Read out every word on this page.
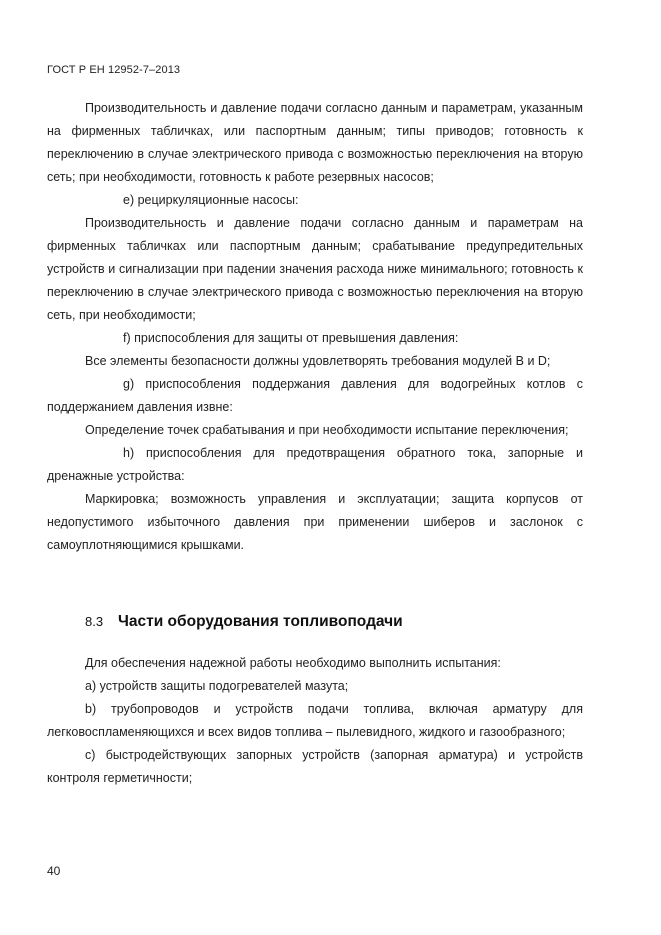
ГОСТ Р ЕН 12952-7–2013

Производительность и давление подачи согласно данным и параметрам, указанным на фирменных табличках, или паспортным данным; типы приводов; готовность к переключению в случае электрического привода с возможностью переключения на вторую сеть; при необходимости, готовность к работе резервных насосов;

е) рециркуляционные насосы:

Производительность и давление подачи согласно данным и параметрам на фирменных табличках или паспортным данным; срабатывание предупредительных устройств и сигнализации при падении значения расхода ниже минимального; готовность к переключению в случае электрического привода с возможностью переключения на вторую сеть, при необходимости;

f) приспособления для защиты от превышения давления:

Все элементы безопасности должны удовлетворять требования модулей В и D;

g) приспособления поддержания давления для водогрейных котлов с поддержанием давления извне:

Определение точек срабатывания и при необходимости испытание переключения;

h) приспособления для предотвращения обратного тока, запорные и дренажные устройства:

Маркировка; возможность управления и эксплуатации; защита корпусов от недопустимого избыточного давления при применении шиберов и заслонок с самоуплотняющимися крышками.

8.3 Части оборудования топливоподачи

Для обеспечения надежной работы необходимо выполнить испытания:

a) устройств защиты подогревателей мазута;

b) трубопроводов и устройств подачи топлива, включая арматуру для легковоспламеняющихся и всех видов топлива – пылевидного, жидкого и газообразного;

c) быстродействующих запорных устройств (запорная арматура) и устройств контроля герметичности;

40
